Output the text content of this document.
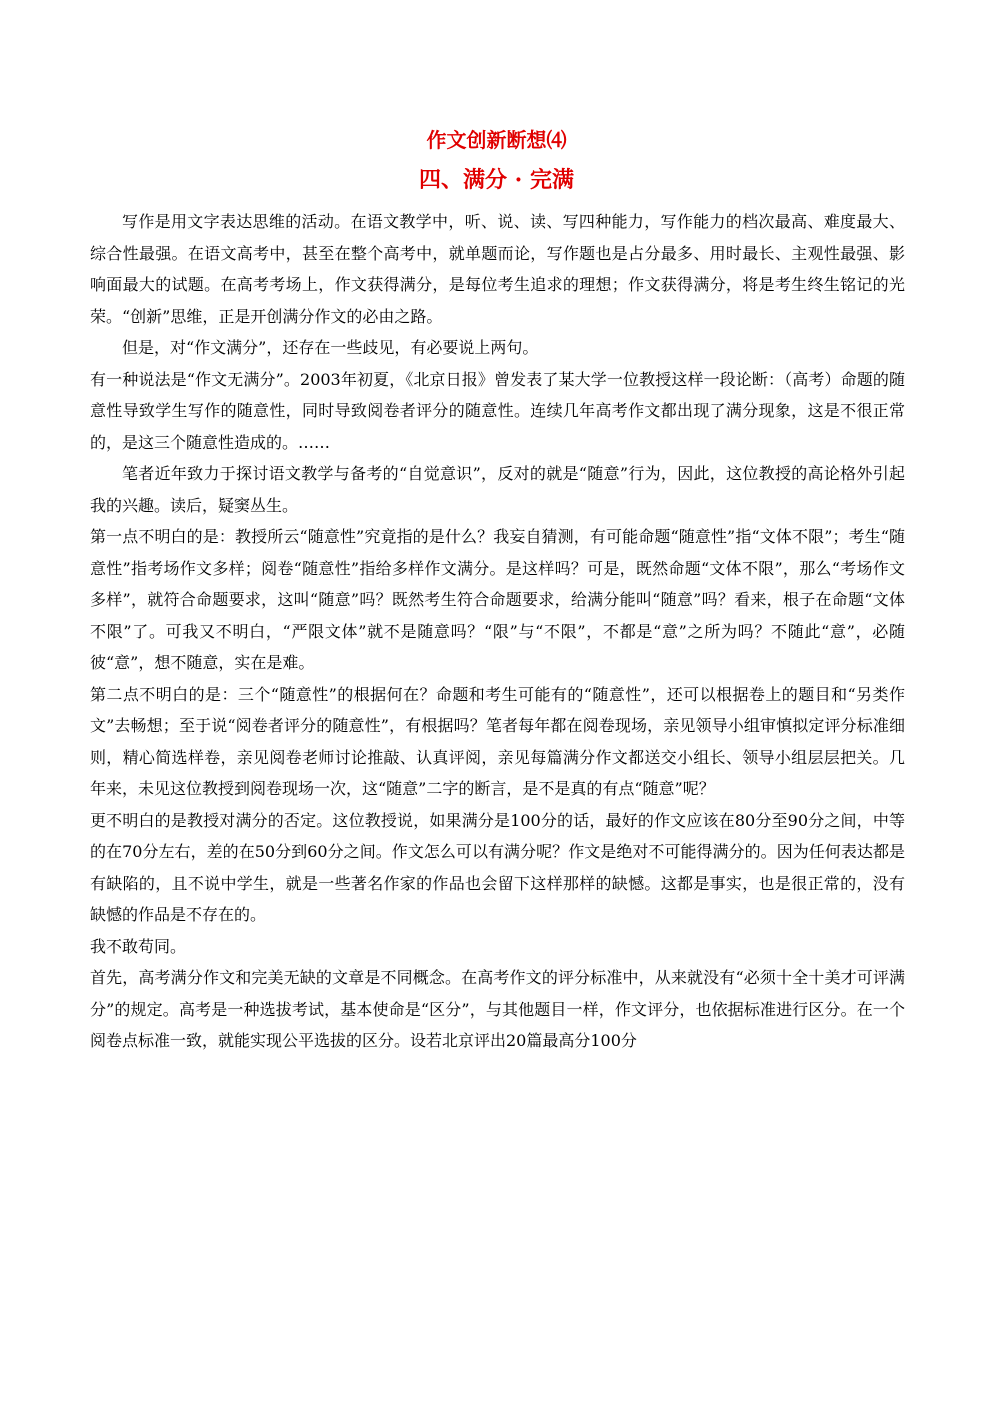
作文创新断想⑷
四、满分 · 完满

写作是用文字表达思维的活动。在语文教学中，听、说、读、写四种能力，写作能力的档次最高、难度最大、综合性最强。在语文高考中，甚至在整个高考中，就单题而论，写作题也是占分最多、用时最长、主观性最强、影响面最大的试题。在高考考场上，作文获得满分，是每位考生追求的理想；作文获得满分，将是考生终生铭记的光荣。“创新”思维，正是开创满分作文的必由之路。

但是，对“作文满分”，还存在一些歧见，有必要说上两句。

有一种说法是“作文无满分”。2003年初夏，《北京日报》曾发表了某大学一位教授这样一段论断：（高考）命题的随意性导致学生写作的随意性，同时导致阅卷者评分的随意性。连续几年高考作文都出现了满分现象，这是不很正常的，是这三个随意性造成的。……

笔者近年致力于探讨语文教学与备考的“自觉意识”，反对的就是“随意”行为，因此，这位教授的高论格外引起我的兴趣。读后，疑窦丛生。

第一点不明白的是：教授所云“随意性”究竟指的是什么？我妄自猜测，有可能命题“随意性”指“文体不限”；考生“随意性”指考场作文多样；阅卷“随意性”指给多样作文满分。是这样吗？可是，既然命题“文体不限”，那么“考场作文多样”，就符合命题要求，这叫“随意”吗？既然考生符合命题要求，给满分能叫“随意”吗？看来，根子在命题“文体不限”了。可我又不明白，“严限文体”就不是随意吗？“限”与“不限”，不都是“意”之所为吗？不随此“意”，必随彼“意”，想不随意，实在是难。

第二点不明白的是：三个“随意性”的根据何在？命题和考生可能有的“随意性”，还可以根据卷上的题目和“另类作文”去畅想；至于说“阅卷者评分的随意性”，有根据吗？笔者每年都在阅卷现场，亲见领导小组审慎拟定评分标准细则，精心简选样卷，亲见阅卷老师讨论推敲、认真评阅，亲见每篇满分作文都送交小组长、领导小组层层把关。几年来，未见这位教授到阅卷现场一次，这“随意”二字的断言，是不是真的有点“随意”呢？

更不明白的是教授对满分的否定。这位教授说，如果满分是100分的话，最好的作文应该在80分至90分之间，中等的在70分左右，差的在50分到60分之间。作文怎么可以有满分呢？作文是绝对不可能得满分的。因为任何表达都是有缺陷的，且不说中学生，就是一些著名作家的作品也会留下这样那样的缺憾。这都是事实，也是很正常的，没有缺憾的作品是不存在的。

我不敢苟同。

首先，高考满分作文和完美无缺的文章是不同概念。在高考作文的评分标准中，从来就没有“必须十全十美才可评满分”的规定。高考是一种选拔考试，基本使命是“区分”，与其他题目一样，作文评分，也依据标准进行区分。在一个阅卷点标准一致，就能实现公平选拔的区分。设若北京评出20篇最高分100分
